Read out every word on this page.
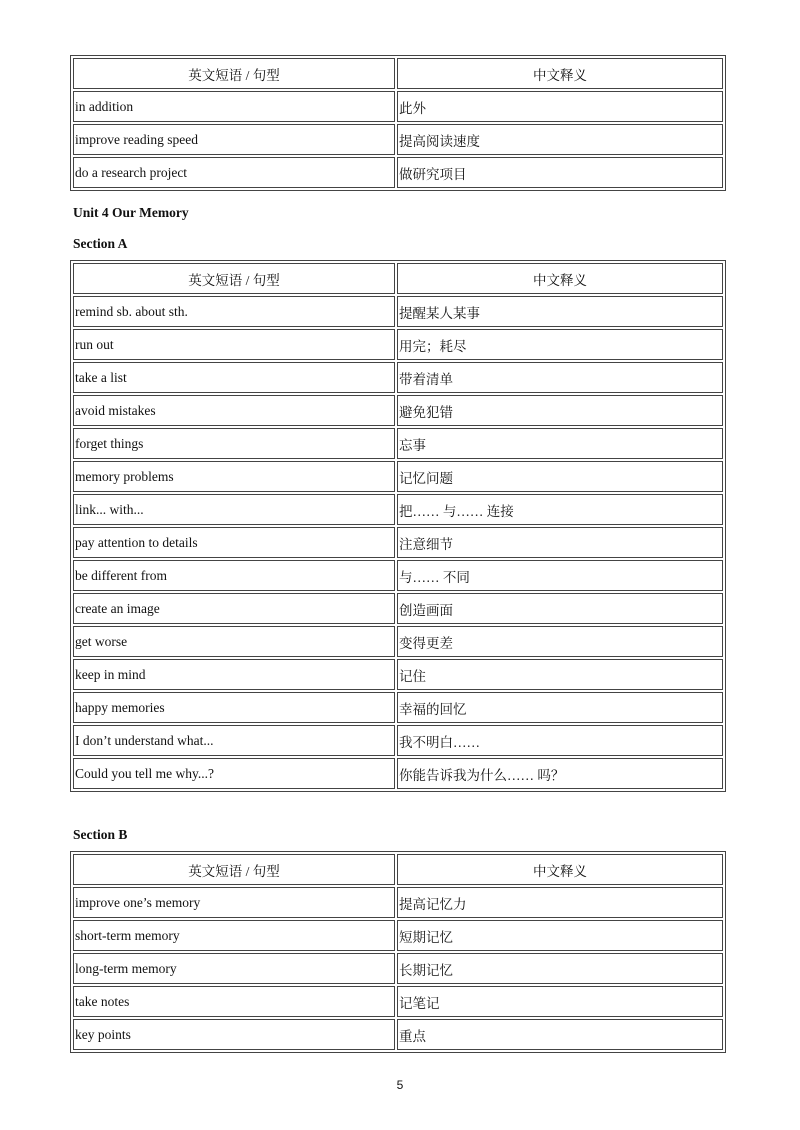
英文短语 / 句型	中文释义
in addition	此外
improve reading speed	提高阅读速度
do a research project	做研究项目
Unit 4 Our Memory
Section A
英文短语 / 句型	中文释义
remind sb. about sth.	提醒某人某事
run out	用完；耗尽
take a list	带着清单
avoid mistakes	避免犯错
forget things	忘事
memory problems	记忆问题
link... with...	把…… 与…… 连接
pay attention to details	注意细节
be different from	与…… 不同
create an image	创造画面
get worse	变得更差
keep in mind	记住
happy memories	幸福的回忆
I don’t understand what...	我不明白……
Could you tell me why...?	你能告诉我为什么…… 吗？
Section B
英文短语 / 句型	中文释义
improve one’s memory	提高记忆力
short-term memory	短期记忆
long-term memory	长期记忆
take notes	记笔记
key points	重点
5
